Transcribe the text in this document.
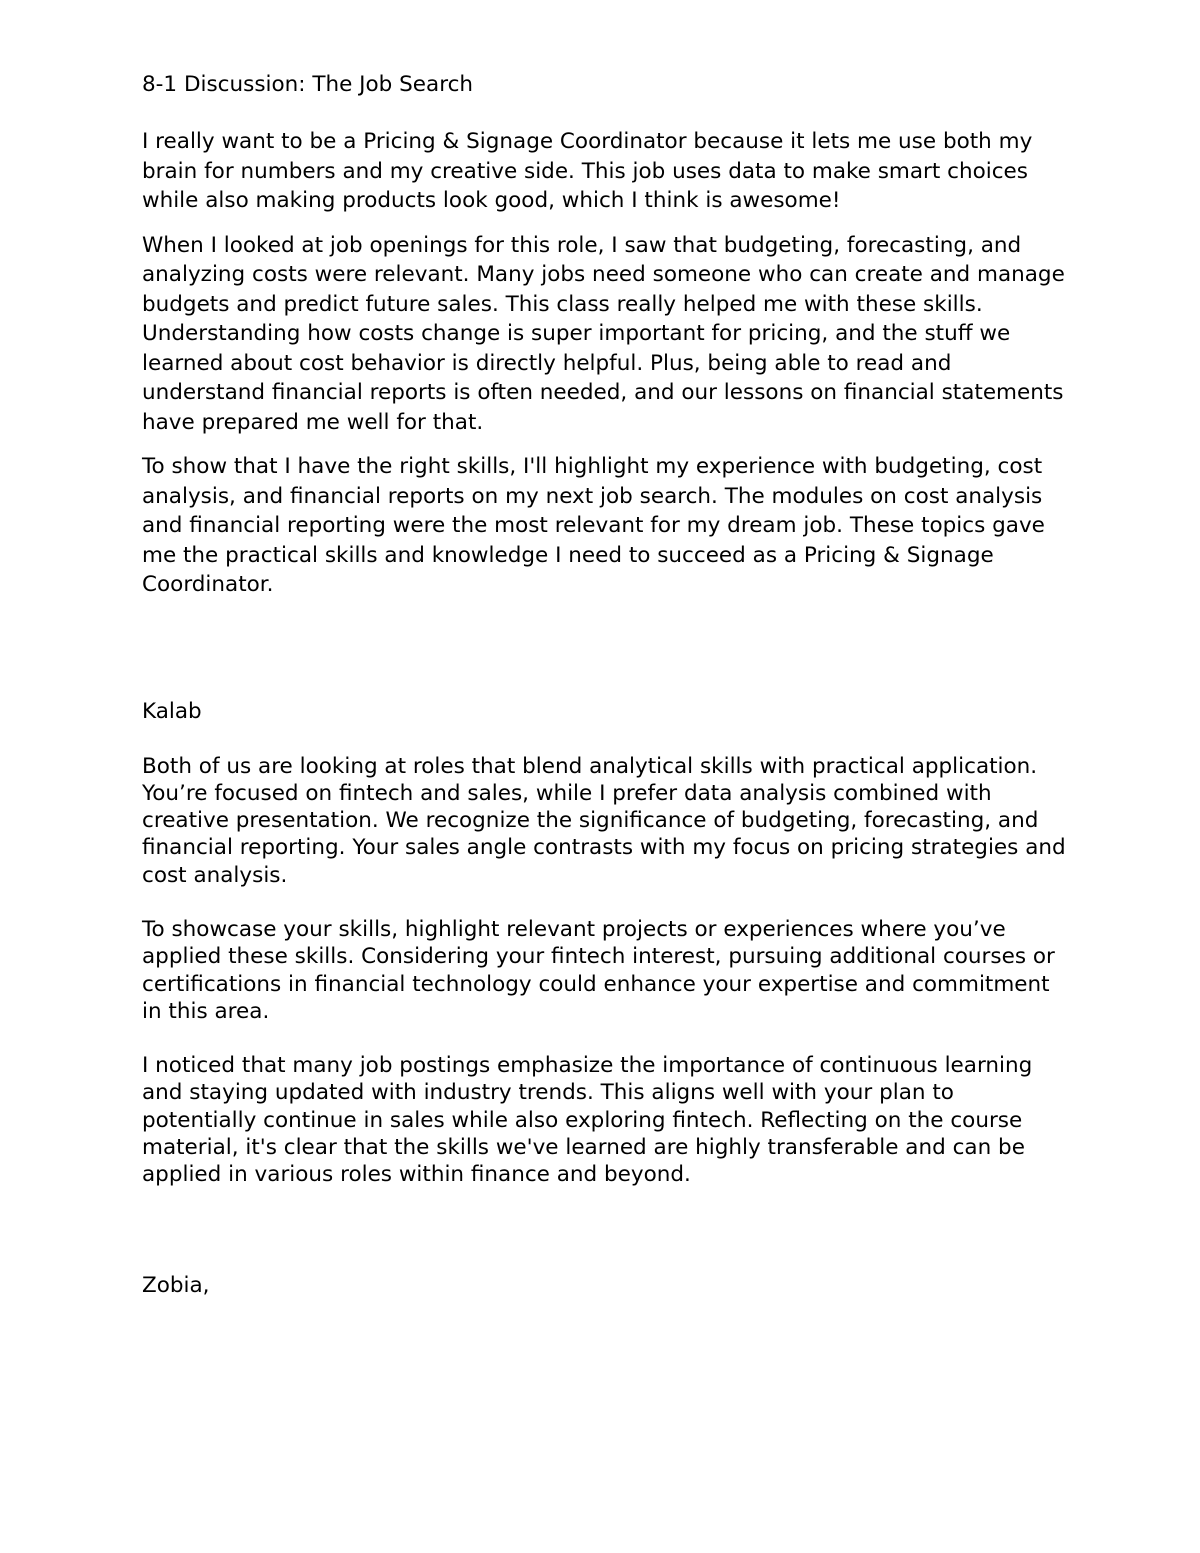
8-1 Discussion: The Job Search

I really want to be a Pricing & Signage Coordinator because it lets me use both my brain for numbers and my creative side. This job uses data to make smart choices while also making products look good, which I think is awesome!

When I looked at job openings for this role, I saw that budgeting, forecasting, and analyzing costs were relevant. Many jobs need someone who can create and manage budgets and predict future sales. This class really helped me with these skills. Understanding how costs change is super important for pricing, and the stuff we learned about cost behavior is directly helpful. Plus, being able to read and understand financial reports is often needed, and our lessons on financial statements have prepared me well for that.

To show that I have the right skills, I'll highlight my experience with budgeting, cost analysis, and financial reports on my next job search. The modules on cost analysis and financial reporting were the most relevant for my dream job. These topics gave me the practical skills and knowledge I need to succeed as a Pricing & Signage Coordinator.

Kalab

Both of us are looking at roles that blend analytical skills with practical application. You’re focused on fintech and sales, while I prefer data analysis combined with creative presentation. We recognize the significance of budgeting, forecasting, and financial reporting. Your sales angle contrasts with my focus on pricing strategies and cost analysis.

To showcase your skills, highlight relevant projects or experiences where you’ve applied these skills. Considering your fintech interest, pursuing additional courses or certifications in financial technology could enhance your expertise and commitment in this area.

I noticed that many job postings emphasize the importance of continuous learning and staying updated with industry trends. This aligns well with your plan to potentially continue in sales while also exploring fintech. Reflecting on the course material, it's clear that the skills we've learned are highly transferable and can be applied in various roles within finance and beyond.

Zobia,
